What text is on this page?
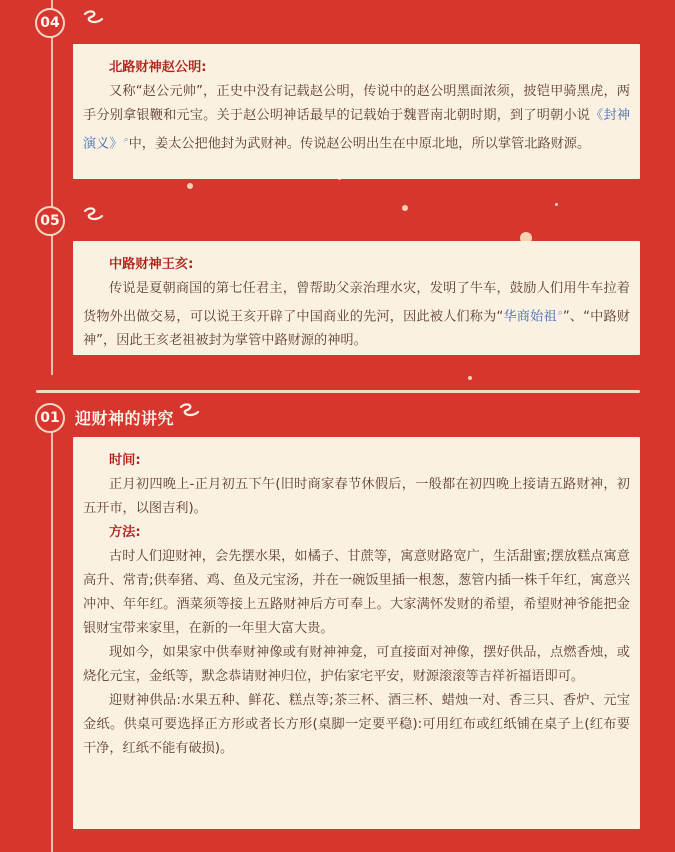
04

北路财神赵公明:

又称“赵公元帅”，正史中没有记载赵公明，传说中的赵公明黑面浓须，披铠甲骑黑虎，两手分别拿银鞭和元宝。关于赵公明神话最早的记载始于魏晋南北朝时期，到了明朝小说《封神演义》⌕中，姜太公把他封为武财神。传说赵公明出生在中原北地，所以掌管北路财源。

05

中路财神王亥:

传说是夏朝商国的第七任君主，曾帮助父亲治理水灾，发明了牛车，鼓励人们用牛车拉着货物外出做交易，可以说王亥开辟了中国商业的先河，因此被人们称为“华商始祖⌕”、“中路财神”，因此王亥老祖被封为掌管中路财源的神明。

01 迎财神的讲究

时间:

正月初四晚上-正月初五下午(旧时商家春节休假后，一般都在初四晚上接请五路财神，初五开市，以图吉利)。

方法:

古时人们迎财神，会先摆水果，如橘子、甘蔗等，寓意财路宽广，生活甜蜜;摆放糕点寓意高升、常青;供奉猪、鸡、鱼及元宝汤，并在一碗饭里插一根葱，葱管内插一株千年红，寓意兴冲冲、年年红。酒菜须等接上五路财神后方可奉上。大家满怀发财的希望，希望财神爷能把金银财宝带来家里，在新的一年里大富大贵。

现如今，如果家中供奉财神像或有财神神龛，可直接面对神像，摆好供品，点燃香烛，或烧化元宝，金纸等，默念恭请财神归位，护佑家宅平安，财源滚滚等吉祥祈福语即可。

迎财神供品:水果五种、鲜花、糕点等;茶三杯、酒三杯、蜡烛一对、香三只、香炉、元宝金纸。供桌可要选择正方形或者长方形(桌脚一定要平稳):可用红布或红纸铺在桌子上(红布要干净，红纸不能有破损)。
